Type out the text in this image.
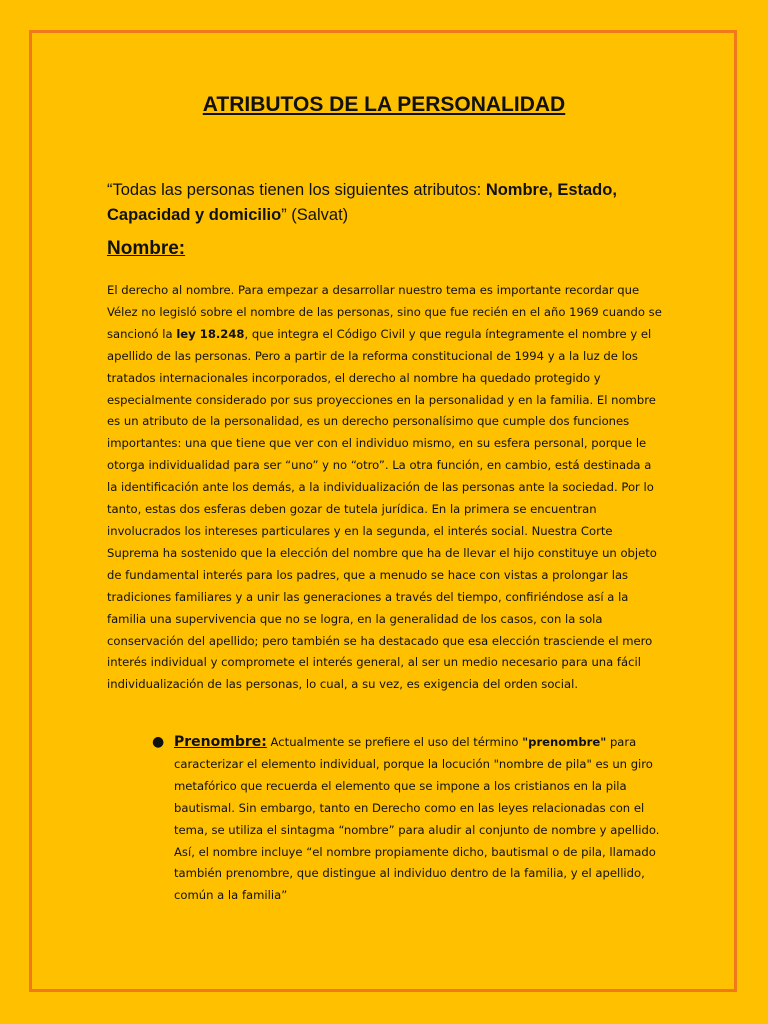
ATRIBUTOS DE LA PERSONALIDAD

“Todas las personas tienen los siguientes atributos: Nombre, Estado, Capacidad y domicilio” (Salvat)

Nombre:

El derecho al nombre. Para empezar a desarrollar nuestro tema es importante recordar que Vélez no legisló sobre el nombre de las personas, sino que fue recién en el año 1969 cuando se sancionó la ley 18.248, que integra el Código Civil y que regula íntegramente el nombre y el apellido de las personas. Pero a partir de la reforma constitucional de 1994 y a la luz de los tratados internacionales incorporados, el derecho al nombre ha quedado protegido y especialmente considerado por sus proyecciones en la personalidad y en la familia. El nombre es un atributo de la personalidad, es un derecho personalísimo que cumple dos funciones importantes: una que tiene que ver con el individuo mismo, en su esfera personal, porque le otorga individualidad para ser “uno” y no “otro”. La otra función, en cambio, está destinada a la identificación ante los demás, a la individualización de las personas ante la sociedad. Por lo tanto, estas dos esferas deben gozar de tutela jurídica. En la primera se encuentran involucrados los intereses particulares y en la segunda, el interés social. Nuestra Corte Suprema ha sostenido que la elección del nombre que ha de llevar el hijo constituye un objeto de fundamental interés para los padres, que a menudo se hace con vistas a prolongar las tradiciones familiares y a unir las generaciones a través del tiempo, confiriéndose así a la familia una supervivencia que no se logra, en la generalidad de los casos, con la sola conservación del apellido; pero también se ha destacado que esa elección trasciende el mero interés individual y compromete el interés general, al ser un medio necesario para una fácil individualización de las personas, lo cual, a su vez, es exigencia del orden social.

● Prenombre: Actualmente se prefiere el uso del término "prenombre" para caracterizar el elemento individual, porque la locución "nombre de pila" es un giro metafórico que recuerda el elemento que se impone a los cristianos en la pila bautismal. Sin embargo, tanto en Derecho como en las leyes relacionadas con el tema, se utiliza el sintagma “nombre” para aludir al conjunto de nombre y apellido. Así, el nombre incluye “el nombre propiamente dicho, bautismal o de pila, llamado también prenombre, que distingue al individuo dentro de la familia, y el apellido, común a la familia”
